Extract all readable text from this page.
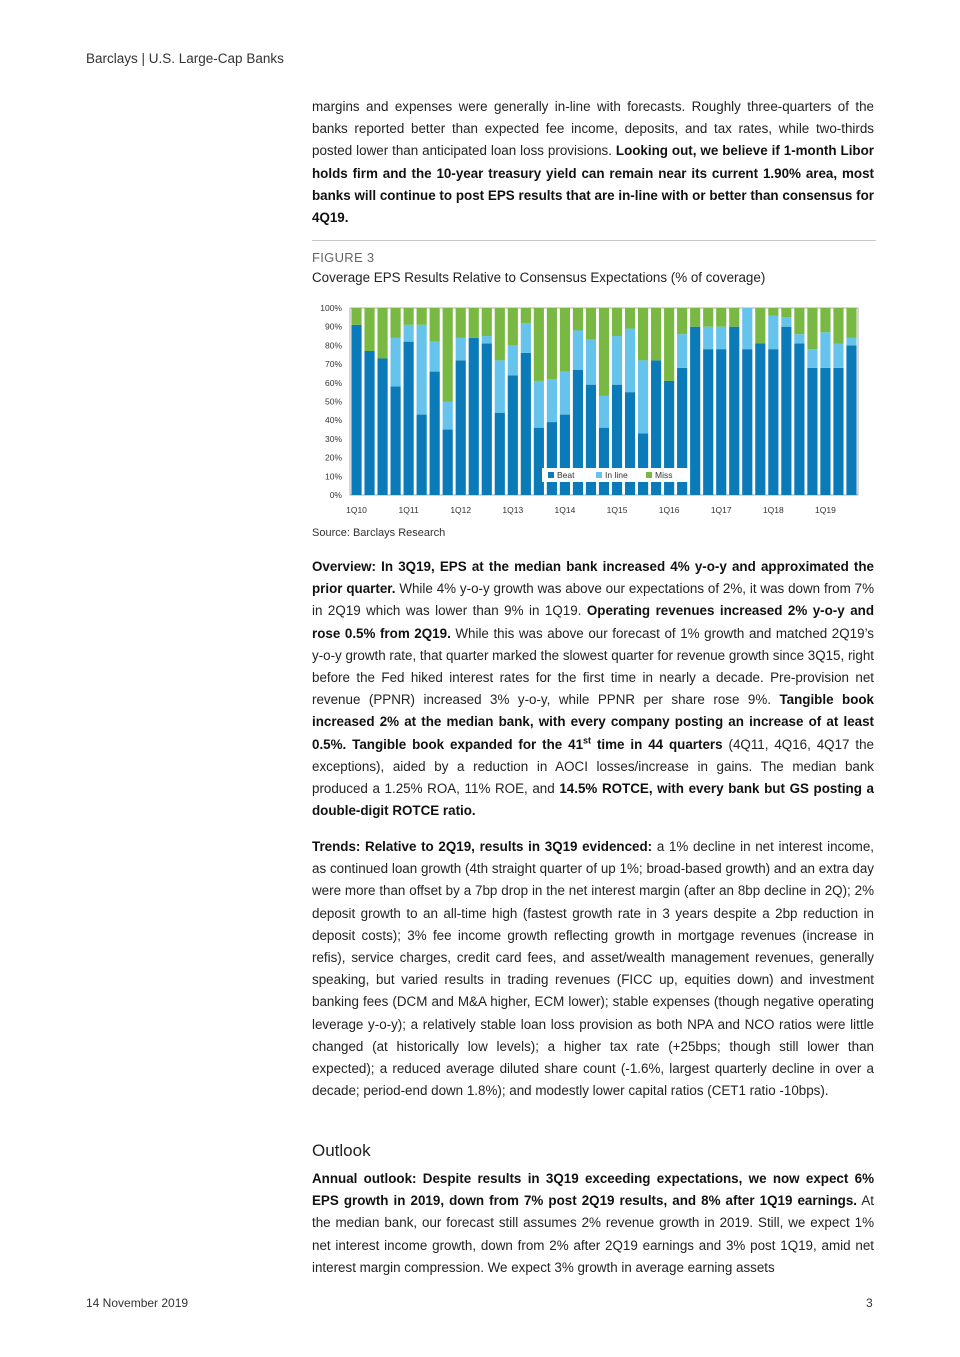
Barclays | U.S. Large-Cap Banks

margins and expenses were generally in-line with forecasts. Roughly three-quarters of the banks reported better than expected fee income, deposits, and tax rates, while two-thirds posted lower than anticipated loan loss provisions. Looking out, we believe if 1-month Libor holds firm and the 10-year treasury yield can remain near its current 1.90% area, most banks will continue to post EPS results that are in-line with or better than consensus for 4Q19.

FIGURE 3
Coverage EPS Results Relative to Consensus Expectations (% of coverage)
0%
10%
20%
30%
40%
50%
60%
70%
80%
90%
100%
1Q10	1Q11	1Q12	1Q13	1Q14	1Q15	1Q16	1Q17	1Q18	1Q19
Beat	In line	Miss
Source: Barclays Research

Overview: In 3Q19, EPS at the median bank increased 4% y-o-y and approximated the prior quarter. While 4% y-o-y growth was above our expectations of 2%, it was down from 7% in 2Q19 which was lower than 9% in 1Q19. Operating revenues increased 2% y-o-y and rose 0.5% from 2Q19. While this was above our forecast of 1% growth and matched 2Q19’s y-o-y growth rate, that quarter marked the slowest quarter for revenue growth since 3Q15, right before the Fed hiked interest rates for the first time in nearly a decade. Pre-provision net revenue (PPNR) increased 3% y-o-y, while PPNR per share rose 9%. Tangible book increased 2% at the median bank, with every company posting an increase of at least 0.5%. Tangible book expanded for the 41st time in 44 quarters (4Q11, 4Q16, 4Q17 the exceptions), aided by a reduction in AOCI losses/increase in gains. The median bank produced a 1.25% ROA, 11% ROE, and 14.5% ROTCE, with every bank but GS posting a double-digit ROTCE ratio.

Trends: Relative to 2Q19, results in 3Q19 evidenced: a 1% decline in net interest income, as continued loan growth (4th straight quarter of up 1%; broad-based growth) and an extra day were more than offset by a 7bp drop in the net interest margin (after an 8bp decline in 2Q); 2% deposit growth to an all-time high (fastest growth rate in 3 years despite a 2bp reduction in deposit costs); 3% fee income growth reflecting growth in mortgage revenues (increase in refis), service charges, credit card fees, and asset/wealth management revenues, generally speaking, but varied results in trading revenues (FICC up, equities down) and investment banking fees (DCM and M&A higher, ECM lower); stable expenses (though negative operating leverage y-o-y); a relatively stable loan loss provision as both NPA and NCO ratios were little changed (at historically low levels); a higher tax rate (+25bps; though still lower than expected); a reduced average diluted share count (-1.6%, largest quarterly decline in over a decade; period-end down 1.8%); and modestly lower capital ratios (CET1 ratio -10bps).

Outlook

Annual outlook: Despite results in 3Q19 exceeding expectations, we now expect 6% EPS growth in 2019, down from 7% post 2Q19 results, and 8% after 1Q19 earnings. At the median bank, our forecast still assumes 2% revenue growth in 2019. Still, we expect 1% net interest income growth, down from 2% after 2Q19 earnings and 3% post 1Q19, amid net interest margin compression. We expect 3% growth in average earning assets

14 November 2019	3
